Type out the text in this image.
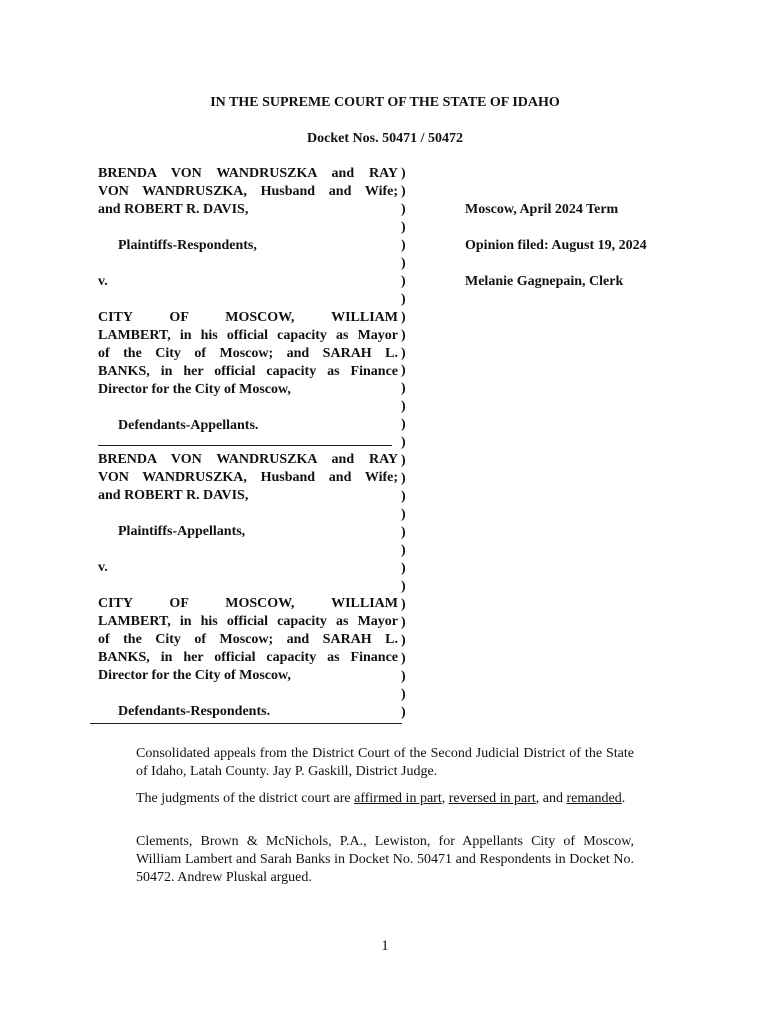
IN THE SUPREME COURT OF THE STATE OF IDAHO
Docket Nos. 50471 / 50472
BRENDA VON WANDRUSZKA and RAY
VON WANDRUSZKA, Husband and Wife;
and ROBERT R. DAVIS,
Plaintiffs-Respondents,
v.
CITY OF MOSCOW, WILLIAM
LAMBERT, in his official capacity as Mayor
of the City of Moscow; and SARAH L.
BANKS, in her official capacity as Finance
Director for the City of Moscow,
Defendants-Appellants.
BRENDA VON WANDRUSZKA and RAY
VON WANDRUSZKA, Husband and Wife;
and ROBERT R. DAVIS,
Plaintiffs-Appellants,
v.
CITY OF MOSCOW, WILLIAM
LAMBERT, in his official capacity as Mayor
of the City of Moscow; and SARAH L.
BANKS, in her official capacity as Finance
Director for the City of Moscow,
Defendants-Respondents.
)
)
)
)
)
)
)
)
)
)
)
)
)
)
)
)
)
)
)
)
)
)
)
)
)
)
)
)
)
)
)
Moscow, April 2024 Term
Opinion filed: August 19, 2024
Melanie Gagnepain, Clerk
Consolidated appeals from the District Court of the Second Judicial District of the State of Idaho, Latah County. Jay P. Gaskill, District Judge.
The judgments of the district court are affirmed in part, reversed in part, and remanded.
Clements, Brown & McNichols, P.A., Lewiston, for Appellants City of Moscow, William Lambert and Sarah Banks in Docket No. 50471 and Respondents in Docket No. 50472. Andrew Pluskal argued.
1
